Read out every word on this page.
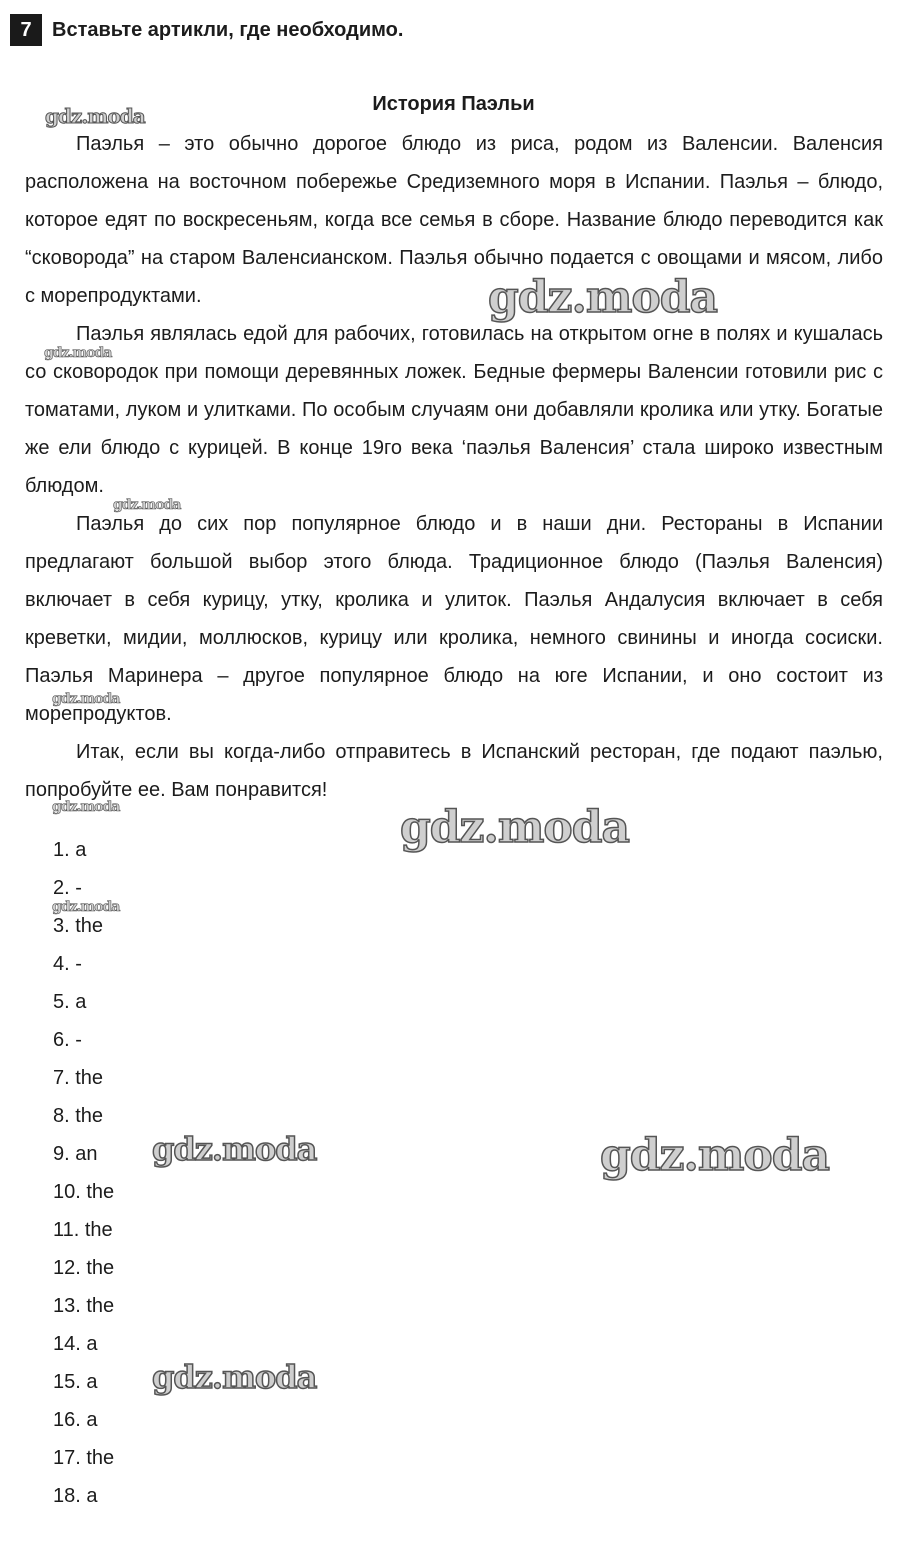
7	Вставьте артикли, где необходимо.
История Паэльи

Паэлья – это обычно дорогое блюдо из риса, родом из Валенсии. Валенсия расположена на восточном побережье Средиземного моря в Испании. Паэлья – блюдо, которое едят по воскресеньям, когда все семья в сборе. Название блюдо переводится как “сковорода” на старом Валенсианском. Паэлья обычно подается с овощами и мясом, либо с морепродуктами.

Паэлья являлась едой для рабочих, готовилась на открытом огне в полях и кушалась со сковородок при помощи деревянных ложек. Бедные фермеры Валенсии готовили рис с томатами, луком и улитками. По особым случаям они добавляли кролика или утку. Богатые же ели блюдо с курицей. В конце 19го века ‘паэлья Валенсия’ стала широко известным блюдом.

Паэлья до сих пор популярное блюдо и в наши дни. Рестораны в Испании предлагают большой выбор этого блюда. Традиционное блюдо (Паэлья Валенсия) включает в себя курицу, утку, кролика и улиток. Паэлья Андалусия включает в себя креветки, мидии, моллюсков, курицу или кролика, немного свинины и иногда сосиски. Паэлья Маринера – другое популярное блюдо на юге Испании, и оно состоит из морепродуктов.

Итак, если вы когда-либо отправитесь в Испанский ресторан, где подают паэлью, попробуйте ее. Вам понравится!

1. a
2. -
3. the
4. -
5. a
6. -
7. the
8. the
9. an
10. the
11. the
12. the
13. the
14. a
15. a
16. a
17. the
18. a
gdz.moda
gdz.moda
gdz.moda
gdz.moda
gdz.moda
gdz.moda	gdz.moda
gdz.moda
gdz.moda	gdz.moda
gdz.moda
